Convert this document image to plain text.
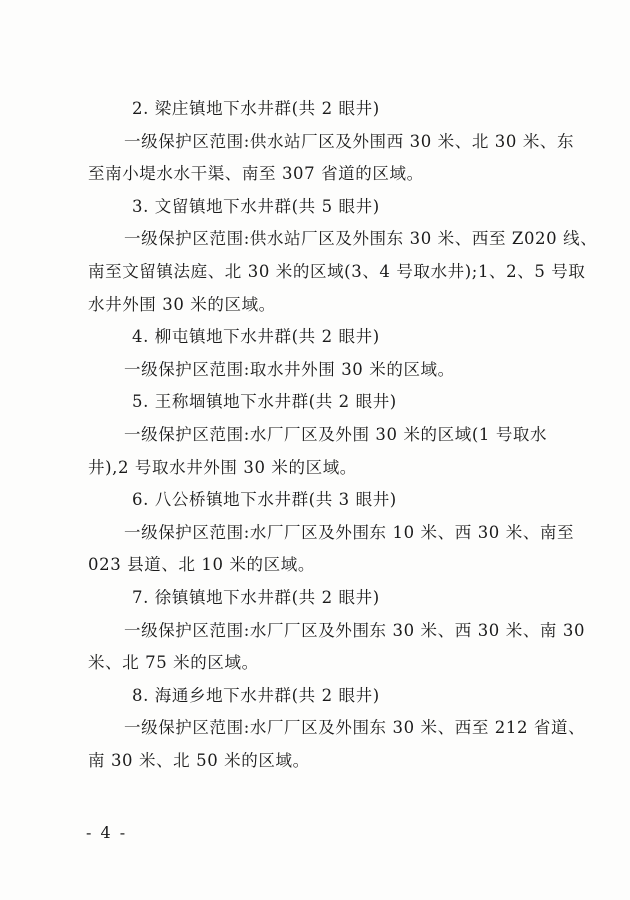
2. 梁庄镇地下水井群(共 2 眼井)
一级保护区范围:供水站厂区及外围西 30 米、北 30 米、东
至南小堤水水干渠、南至 307 省道的区域。
3. 文留镇地下水井群(共 5 眼井)
一级保护区范围:供水站厂区及外围东 30 米、西至 Z020 线、
南至文留镇法庭、北 30 米的区域(3、4 号取水井);1、2、5 号取
水井外围 30 米的区域。
4. 柳屯镇地下水井群(共 2 眼井)
一级保护区范围:取水井外围 30 米的区域。
5. 王称堌镇地下水井群(共 2 眼井)
一级保护区范围:水厂厂区及外围 30 米的区域(1 号取水
井),2 号取水井外围 30 米的区域。
6. 八公桥镇地下水井群(共 3 眼井)
一级保护区范围:水厂厂区及外围东 10 米、西 30 米、南至
023 县道、北 10 米的区域。
7. 徐镇镇地下水井群(共 2 眼井)
一级保护区范围:水厂厂区及外围东 30 米、西 30 米、南 30
米、北 75 米的区域。
8. 海通乡地下水井群(共 2 眼井)
一级保护区范围:水厂厂区及外围东 30 米、西至 212 省道、
南 30 米、北 50 米的区域。
- 4 -
